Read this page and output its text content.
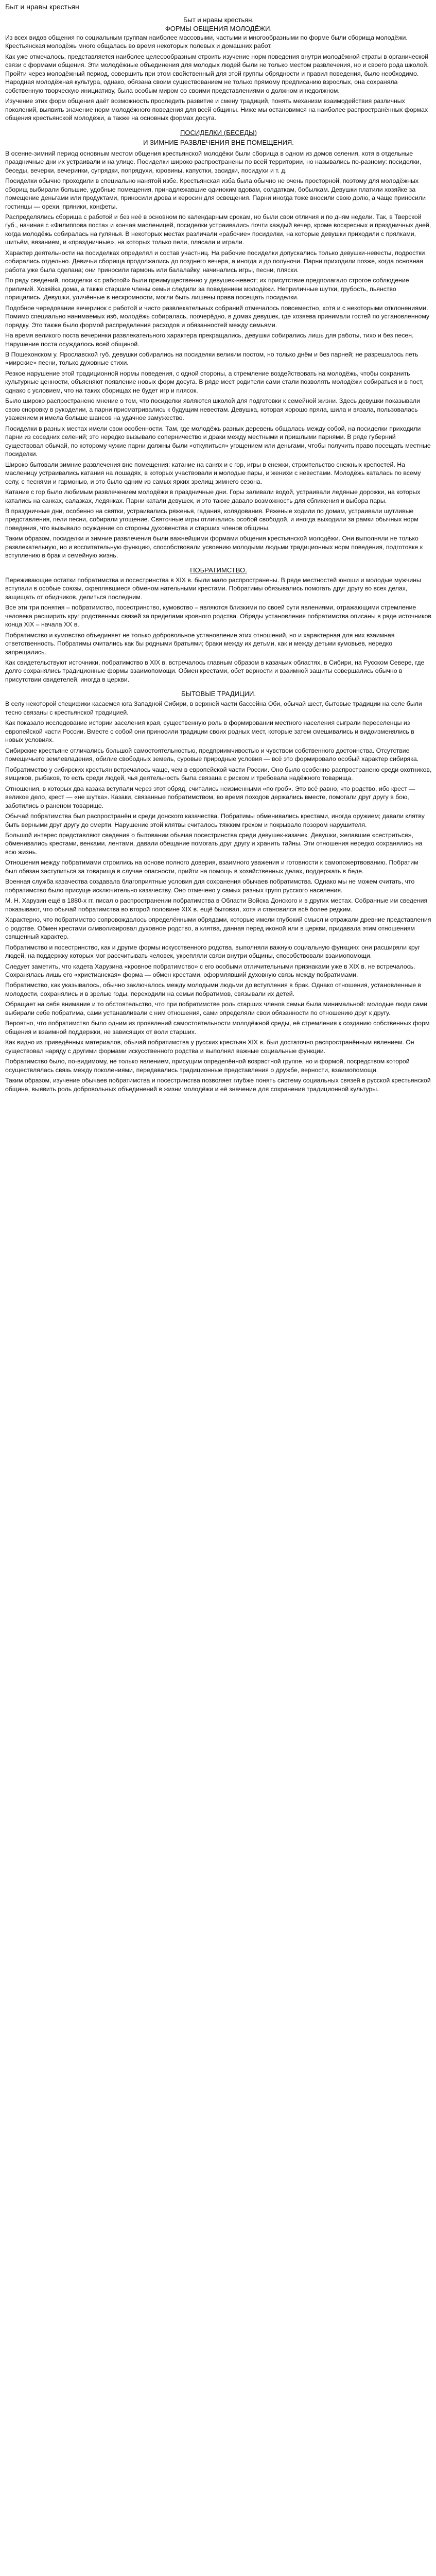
Быт и нравы крестьян
Быт и нравы крестьян.
ФОРМЫ ОБЩЕНИЯ МОЛОДЁЖИ.

Из всех видов общения по социальным группам наиболее массовыми, частыми и многообразными по форме были сборища молодёжи. Крестьянская молодёжь много общалась во время некоторых полевых и домашних работ.

Как уже отмечалось, представляется наиболее целесообразным строить изучение норм поведения внутри молодёжной страты в органической связи с формами общения. Эти молодёжные объединения для молодых людей были не только местом развлечения, но и своего рода школой. Пройти через молодёжный период, совершить при этом свойственный для этой группы обрядности и правил поведения, было необходимо. Народная молодёжная культура, однако, обязана своим существованием не только прямому предписанию взрослых, она сохраняла собственную творческую инициативу, была особым миром со своими представлениями о должном и недолжном.

Изучение этих форм общения даёт возможность проследить развитие и смену традиций, понять механизм взаимодействия различных поколений, выявить значение норм молодёжного поведения для всей общины. Ниже мы остановимся на наиболее распространённых формах общения крестьянской молодёжи, а также на основных формах досуга.

ПОСИДЕЛКИ (БЕСЕДЫ)
И ЗИМНИЕ РАЗВЛЕЧЕНИЯ ВНЕ ПОМЕЩЕНИЯ.

В осенне-зимний период основным местом общения крестьянской молодёжи были сборища в одном из домов селения, хотя в отдельные праздничные дни их устраивали и на улице. Посиделки широко распространены по всей территории, но назывались по-разному: посиделки, беседы, вечерки, вечеринки, супрядки, попрядухи, юровины, капустки, засидки, посидухи и т. д.

Посиделки обычно проходили в специально нанятой избе. Крестьянская изба была обычно не очень просторной, поэтому для молодёжных сборищ выбирали большие, удобные помещения, принадлежавшие одиноким вдовам, солдаткам, бобылкам. Девушки платили хозяйке за помещение деньгами или продуктами, приносили дрова и керосин для освещения. Парни иногда тоже вносили свою долю, а чаще приносили гостинцы — орехи, пряники, конфеты.

Распределялись сборища с работой и без неё в основном по календарным срокам, но были свои отличия и по дням недели. Так, в Тверской губ., начиная с «Филиппова поста» и кончая масленицей, посиделки устраивались почти каждый вечер, кроме воскресных и праздничных дней, когда молодёжь собиралась на гулянья. В некоторых местах различали «рабочие» посиделки, на которые девушки приходили с прялками, шитьём, вязанием, и «праздничные», на которых только пели, плясали и играли.

Характер деятельности на посиделках определял и состав участниц. На рабочие посиделки допускались только девушки-невесты, подростки собирались отдельно. Девичьи сборища продолжались до позднего вечера, а иногда и до полуночи. Парни приходили позже, когда основная работа уже была сделана; они приносили гармонь или балалайку, начинались игры, песни, пляски.

По ряду сведений, посиделки «с работой» были преимущественно у девушек-невест; их присутствие предполагало строгое соблюдение приличий. Хозяйка дома, а также старшие члены семьи следили за поведением молодёжи. Неприличные шутки, грубость, пьянство порицались. Девушки, уличённые в нескромности, могли быть лишены права посещать посиделки.

Подобное чередование вечеринок с работой и чисто развлекательных собраний отмечалось повсеместно, хотя и с некоторыми отклонениями. Помимо специально нанимаемых изб, молодёжь собиралась, поочерёдно, в домах девушек, где хозяева принимали гостей по установленному порядку. Это также было формой распределения расходов и обязанностей между семьями.

На время великого поста вечеринки развлекательного характера прекращались, девушки собирались лишь для работы, тихо и без песен. Нарушение поста осуждалось всей общиной.

В Пошехонском у. Ярославской губ. девушки собирались на посиделки великим постом, но только днём и без парней; не разрешалось петь «мирские» песни, только духовные стихи.

Резкое нарушение этой традиционной нормы поведения, с одной стороны, а стремление воздействовать на молодёжь, чтобы сохранить культурные ценности, объясняют появление новых форм досуга. В ряде мест родители сами стали позволять молодёжи собираться и в пост, однако с условием, что на таких сборищах не будет игр и плясок.

Было широко распространено мнение о том, что посиделки являются школой для подготовки к семейной жизни. Здесь девушки показывали свою сноровку в рукоделии, а парни присматривались к будущим невестам. Девушка, которая хорошо пряла, шила и вязала, пользовалась уважением и имела больше шансов на удачное замужество.

Посиделки в разных местах имели свои особенности. Там, где молодёжь разных деревень общалась между собой, на посиделки приходили парни из соседних селений; это нередко вызывало соперничество и драки между местными и пришлыми парнями. В ряде губерний существовал обычай, по которому чужие парни должны были «откупиться» угощением или деньгами, чтобы получить право посещать местные посиделки.

Широко бытовали зимние развлечения вне помещения: катание на санях и с гор, игры в снежки, строительство снежных крепостей. На масленицу устраивались катания на лошадях, в которых участвовали и молодые пары, и женихи с невестами. Молодёжь каталась по всему селу, с песнями и гармонью, и это было одним из самых ярких зрелищ зимнего сезона.

Катание с гор было любимым развлечением молодёжи в праздничные дни. Горы заливали водой, устраивали ледяные дорожки, на которых катались на санках, салазках, ледянках. Парни катали девушек, и это также давало возможность для сближения и выбора пары.

В праздничные дни, особенно на святки, устраивались ряженья, гадания, колядования. Ряженые ходили по домам, устраивали шутливые представления, пели песни, собирали угощение. Святочные игры отличались особой свободой, и иногда выходили за рамки обычных норм поведения, что вызывало осуждение со стороны духовенства и старших членов общины.

Таким образом, посиделки и зимние развлечения были важнейшими формами общения крестьянской молодёжи. Они выполняли не только развлекательную, но и воспитательную функцию, способствовали усвоению молодыми людьми традиционных норм поведения, подготовке к вступлению в брак и семейную жизнь.

ПОБРАТИМСТВО.

Переживающие остатки побратимства и посестринства в XIX в. были мало распространены. В ряде местностей юноши и молодые мужчины вступали в особые союзы, скреплявшиеся обменом нательными крестами. Побратимы обязывались помогать друг другу во всех делах, защищать от обидчиков, делиться последним.

Все эти три понятия – побратимство, посестринство, кумовство – являются близкими по своей сути явлениями, отражающими стремление человека расширить круг родственных связей за пределами кровного родства. Обряды установления побратимства описаны в ряде источников конца XIX – начала XX в.

Побратимство и кумовство объединяет не только добровольное установление этих отношений, но и характерная для них взаимная ответственность. Побратимы считались как бы родными братьями; браки между их детьми, как и между детьми кумовьев, нередко запрещались.

Как свидетельствуют источники, побратимство в XIX в. встречалось главным образом в казачьих областях, в Сибири, на Русском Севере, где долго сохранялись традиционные формы взаимопомощи. Обмен крестами, обет верности и взаимной защиты совершались обычно в присутствии свидетелей, иногда в церкви.

БЫТОВЫЕ ТРАДИЦИИ.

В селу некоторой специфики касаемся юга Западной Сибири, в верхней части бассейна Оби, обычай шест, бытовые традиции на селе были тесно связаны с крестьянской традицией.

Как показало исследование истории заселения края, существенную роль в формировании местного населения сыграли переселенцы из европейской части России. Вместе с собой они приносили традиции своих родных мест, которые затем смешивались и видоизменялись в новых условиях.

Сибирские крестьяне отличались большой самостоятельностью, предприимчивостью и чувством собственного достоинства. Отсутствие помещичьего землевладения, обилие свободных земель, суровые природные условия — всё это формировало особый характер сибиряка.

Побратимство у сибирских крестьян встречалось чаще, чем в европейской части России. Оно было особенно распространено среди охотников, ямщиков, рыбаков, то есть среди людей, чья деятельность была связана с риском и требовала надёжного товарища.

Отношения, в которых два казака вступали через этот обряд, считались неизменными «по гроб». Это всё равно, что родство, ибо крест — великое дело, крест — «не шутка». Казаки, связанные побратимством, во время походов держались вместе, помогали друг другу в бою, заботились о раненом товарище.

Обычай побратимства был распространён и среди донского казачества. Побратимы обменивались крестами, иногда оружием; давали клятву быть верными друг другу до смерти. Нарушение этой клятвы считалось тяжким грехом и покрывало позором нарушителя.

Большой интерес представляют сведения о бытовании обычая посестринства среди девушек-казачек. Девушки, желавшие «сестриться», обменивались крестами, венками, лентами, давали обещание помогать друг другу и хранить тайны. Эти отношения нередко сохранялись на всю жизнь.

Отношения между побратимами строились на основе полного доверия, взаимного уважения и готовности к самопожертвованию. Побратим был обязан заступиться за товарища в случае опасности, прийти на помощь в хозяйственных делах, поддержать в беде.

Военная служба казачества создавала благоприятные условия для сохранения обычаев побратимства. Однако мы не можем считать, что побратимство было присуще исключительно казачеству. Оно отмечено у самых разных групп русского населения.

М. Н. Харузин ещё в 1880-х гг. писал о распространении побратимства в Области Войска Донского и в других местах. Собранные им сведения показывают, что обычай побратимства во второй половине XIX в. ещё бытовал, хотя и становился всё более редким.

Характерно, что побратимство сопровождалось определёнными обрядами, которые имели глубокий смысл и отражали древние представления о родстве. Обмен крестами символизировал духовное родство, а клятва, данная перед иконой или в церкви, придавала этим отношениям священный характер.

Побратимство и посестринство, как и другие формы искусственного родства, выполняли важную социальную функцию: они расширяли круг людей, на поддержку которых мог рассчитывать человек, укрепляли связи внутри общины, способствовали взаимопомощи.

Следует заметить, что кадета Харузина «кровное побратимство» с его особыми отличительными признаками уже в XIX в. не встречалось. Сохранялась лишь его «христианская» форма — обмен крестами, оформлявший духовную связь между побратимами.

Побратимство, как указывалось, обычно заключалось между молодыми людьми до вступления в брак. Однако отношения, установленные в молодости, сохранялись и в зрелые годы, переходили на семьи побратимов, связывали их детей.

Обращает на себя внимание и то обстоятельство, что при побратимстве роль старших членов семьи была минимальной: молодые люди сами выбирали себе побратима, сами устанавливали с ним отношения, сами определяли свои обязанности по отношению друг к другу.

Вероятно, что побратимство было одним из проявлений самостоятельности молодёжной среды, её стремления к созданию собственных форм общения и взаимной поддержки, не зависящих от воли старших.

Как видно из приведённых материалов, обычай побратимства у русских крестьян XIX в. был достаточно распространённым явлением. Он существовал наряду с другими формами искусственного родства и выполнял важные социальные функции.

Побратимство было, по-видимому, не только явлением, присущим определённой возрастной группе, но и формой, посредством которой осуществлялась связь между поколениями, передавались традиционные представления о дружбе, верности, взаимопомощи.

Таким образом, изучение обычаев побратимства и посестринства позволяет глубже понять систему социальных связей в русской крестьянской общине, выявить роль добровольных объединений в жизни молодёжи и её значение для сохранения традиционной культуры.
